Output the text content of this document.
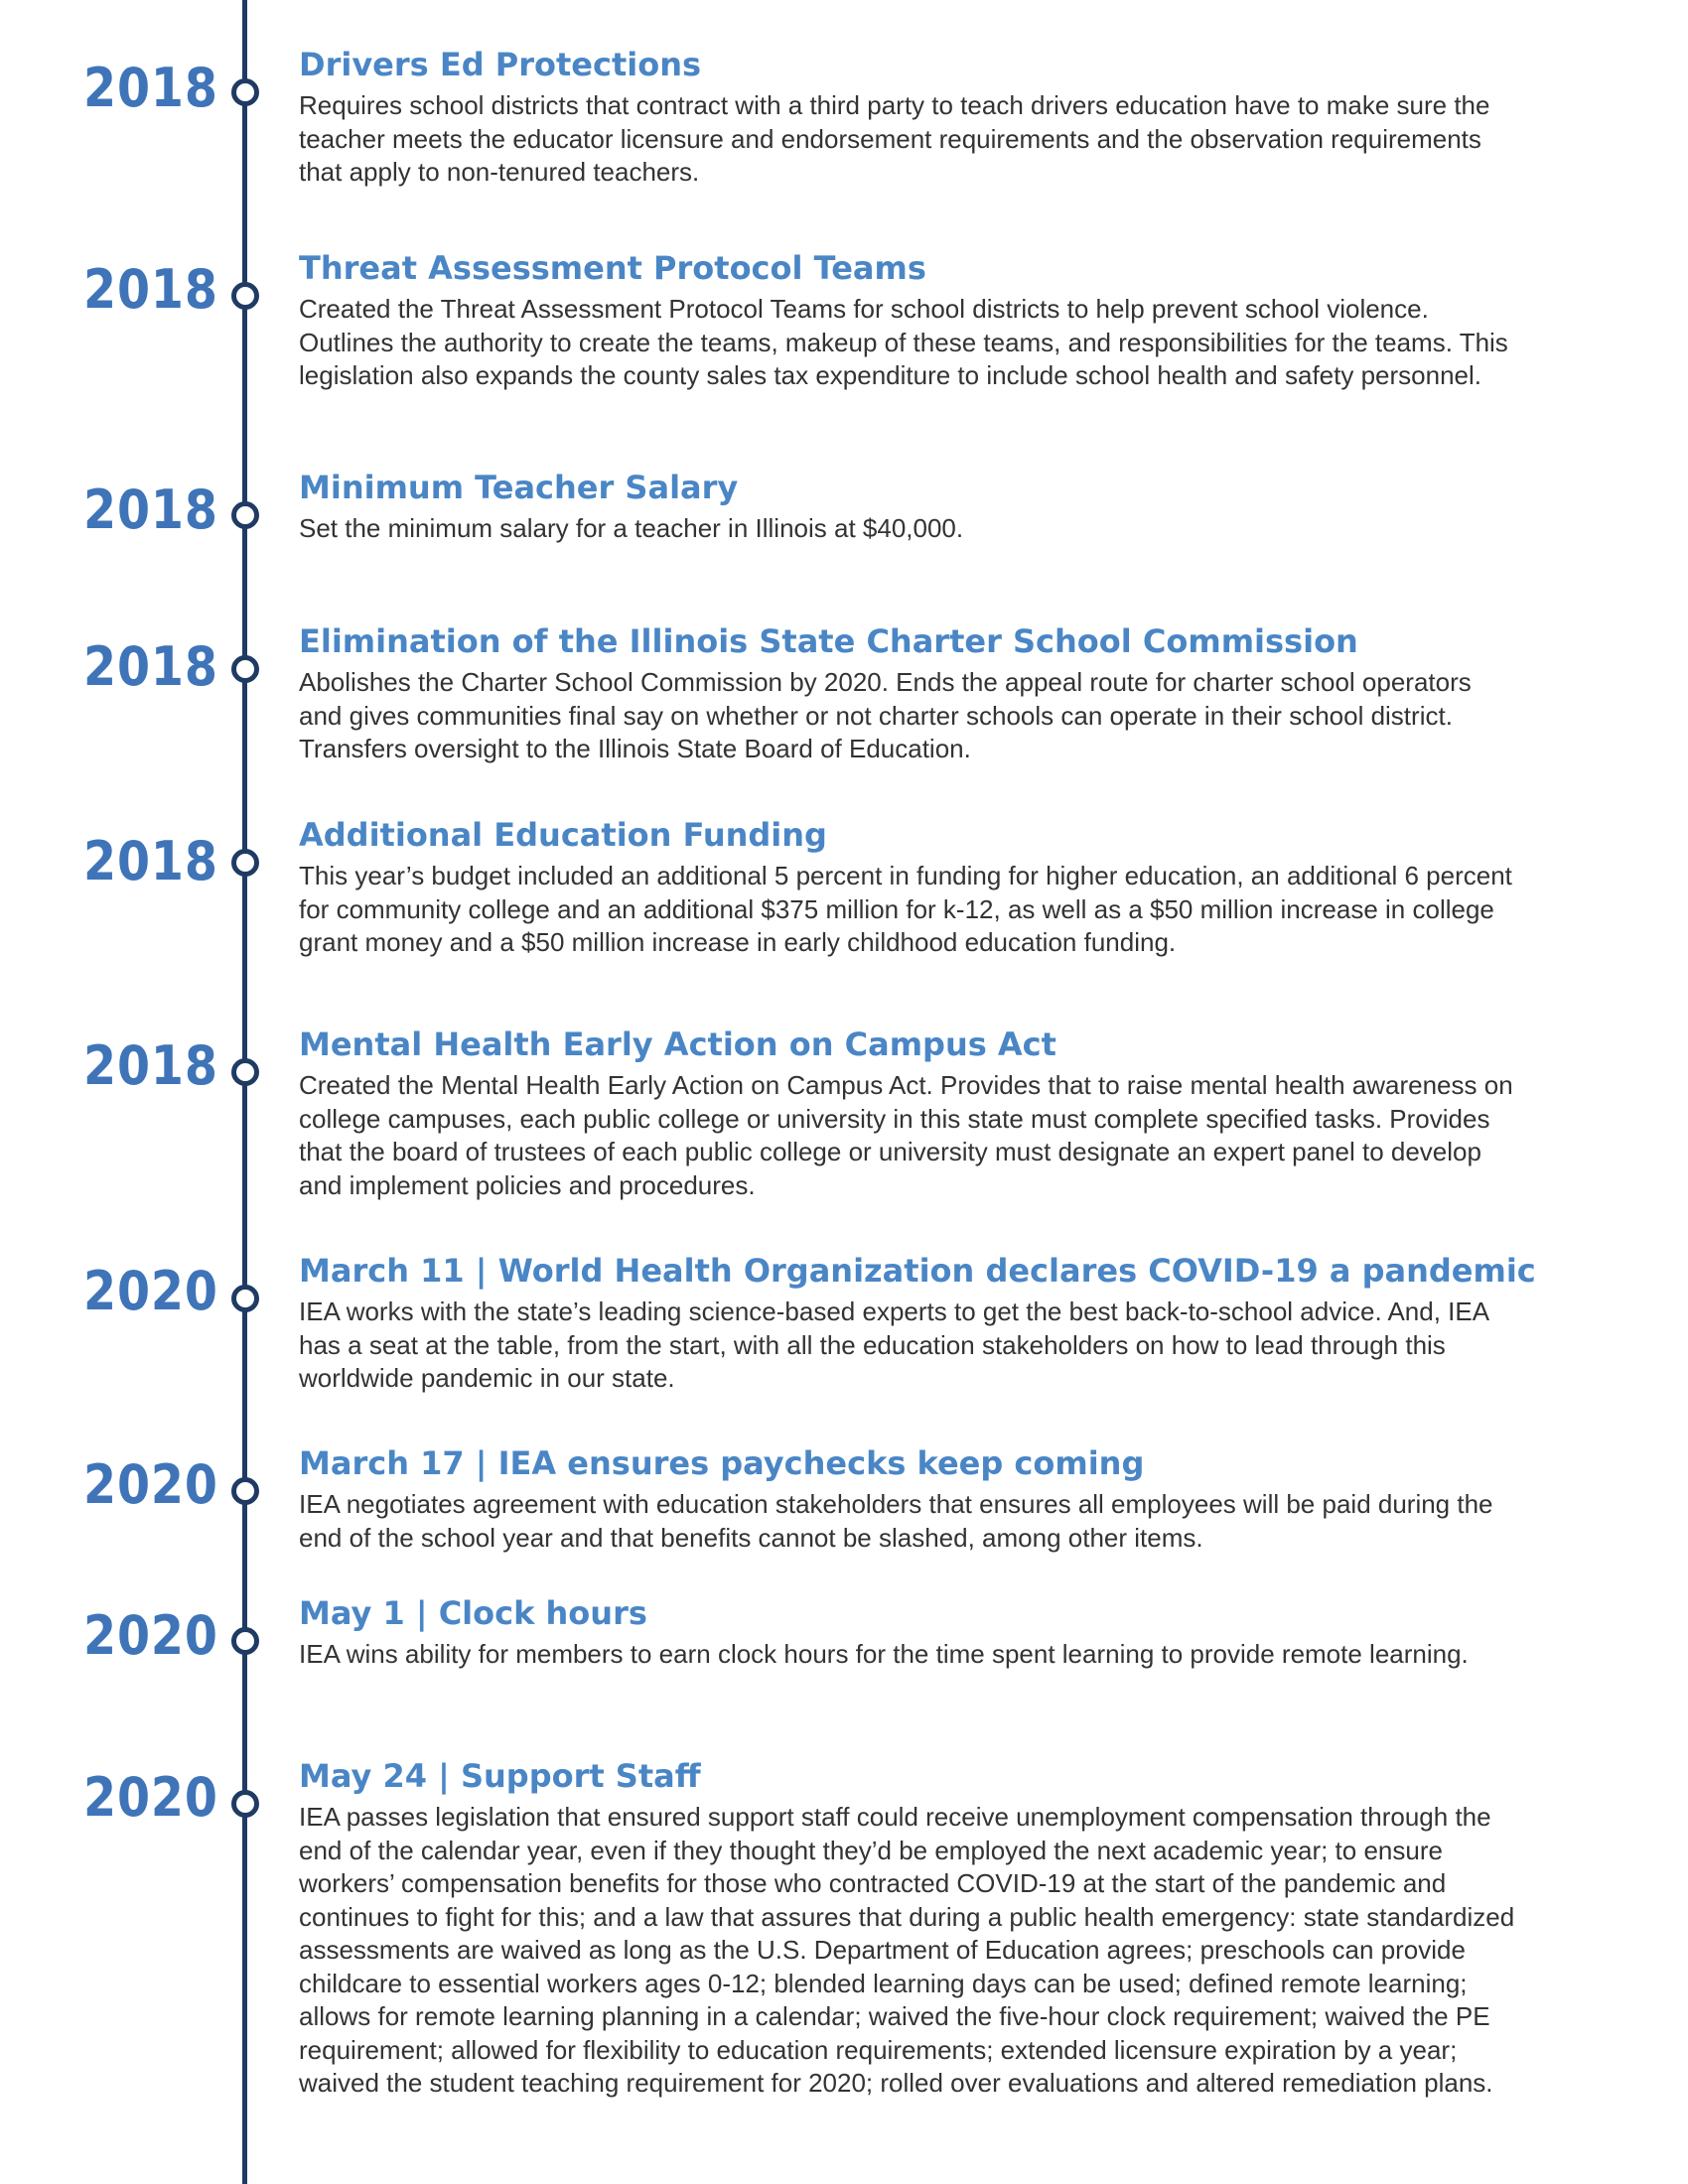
2018	Drivers Ed Protections

Requires school districts that contract with a third party to teach drivers education have to make sure the teacher meets the educator licensure and endorsement requirements and the observation requirements that apply to non-tenured teachers.

2018	Threat Assessment Protocol Teams

Created the Threat Assessment Protocol Teams for school districts to help prevent school violence. Outlines the authority to create the teams, makeup of these teams, and responsibilities for the teams. This legislation also expands the county sales tax expenditure to include school health and safety personnel.

2018	Minimum Teacher Salary

Set the minimum salary for a teacher in Illinois at $40,000.

2018	Elimination of the Illinois State Charter School Commission

Abolishes the Charter School Commission by 2020. Ends the appeal route for charter school operators and gives communities final say on whether or not charter schools can operate in their school district. Transfers oversight to the Illinois State Board of Education.

2018	Additional Education Funding

This year’s budget included an additional 5 percent in funding for higher education, an additional 6 percent for community college and an additional $375 million for k-12, as well as a $50 million increase in college grant money and a $50 million increase in early childhood education funding.

2018	Mental Health Early Action on Campus Act

Created the Mental Health Early Action on Campus Act. Provides that to raise mental health awareness on college campuses, each public college or university in this state must complete specified tasks. Provides that the board of trustees of each public college or university must designate an expert panel to develop and implement policies and procedures.

2020	March 11 | World Health Organization declares COVID-19 a pandemic

IEA works with the state’s leading science-based experts to get the best back-to-school advice. And, IEA has a seat at the table, from the start, with all the education stakeholders on how to lead through this worldwide pandemic in our state.

2020	March 17 | IEA ensures paychecks keep coming

IEA negotiates agreement with education stakeholders that ensures all employees will be paid during the end of the school year and that benefits cannot be slashed, among other items.

2020	May 1 | Clock hours

IEA wins ability for members to earn clock hours for the time spent learning to provide remote learning.

2020	May 24 | Support Staff

IEA passes legislation that ensured support staff could receive unemployment compensation through the end of the calendar year, even if they thought they’d be employed the next academic year; to ensure workers’ compensation benefits for those who contracted COVID-19 at the start of the pandemic and continues to fight for this; and a law that assures that during a public health emergency: state standardized assessments are waived as long as the U.S. Department of Education agrees; preschools can provide childcare to essential workers ages 0-12; blended learning days can be used; defined remote learning; allows for remote learning planning in a calendar; waived the five-hour clock requirement; waived the PE requirement; allowed for flexibility to education requirements; extended licensure expiration by a year; waived the student teaching requirement for 2020; rolled over evaluations and altered remediation plans.
